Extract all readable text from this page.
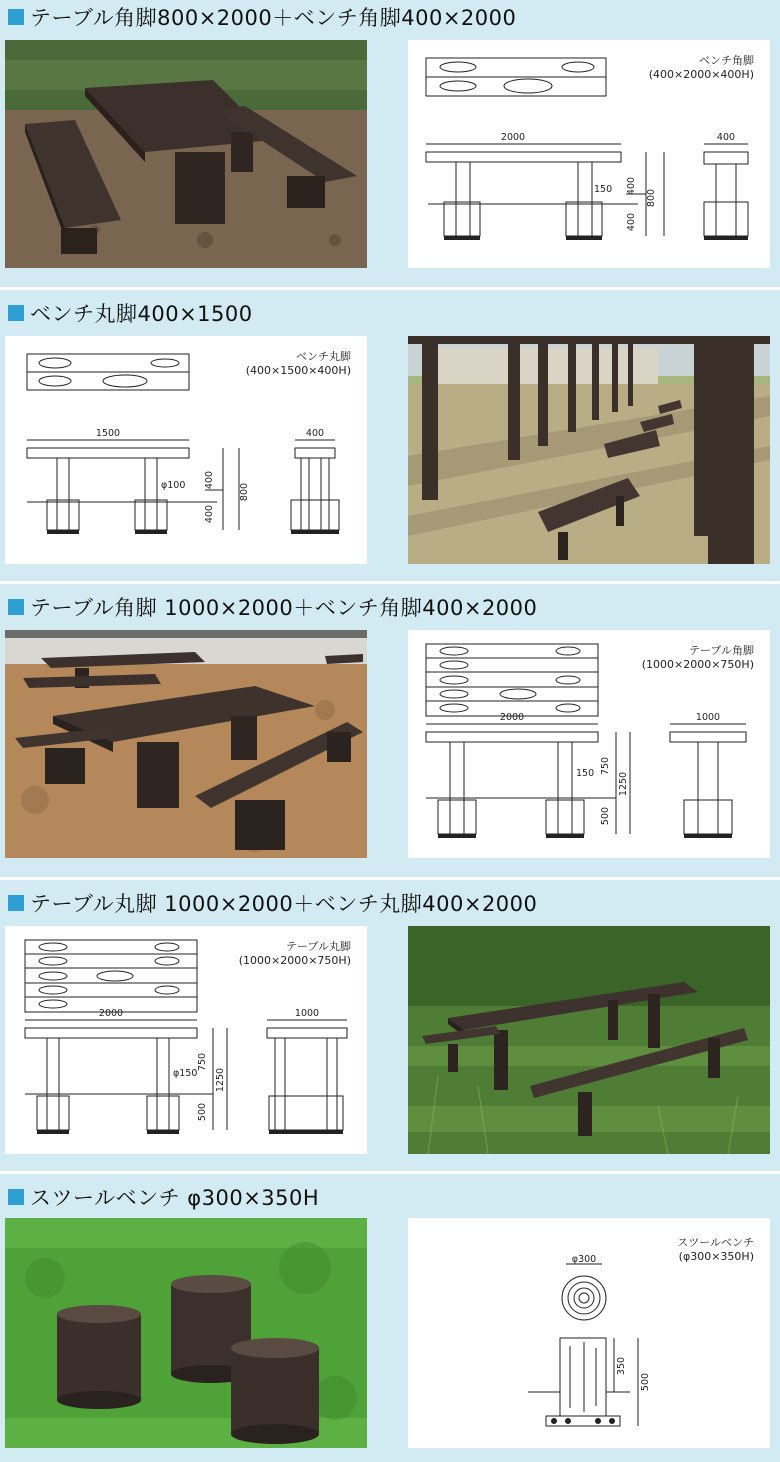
テーブル角脚800×2000＋ベンチ角脚400×2000
2000	400
150 400
400
800
ベンチ角脚
(400×2000×400H)
ベンチ丸脚400×1500
1500	400
φ100 400
400
800
ベンチ丸脚
(400×1500×400H)
テーブル角脚 1000×2000＋ベンチ角脚400×2000
2000	1000
150 750
500
1250
テーブル角脚
(1000×2000×750H)
テーブル丸脚 1000×2000＋ベンチ丸脚400×2000
2000	1000
φ150
750
500
1250
テーブル丸脚
(1000×2000×750H)
スツールベンチ φ300×350H
φ300
350
500
スツールベンチ
(φ300×350H)
